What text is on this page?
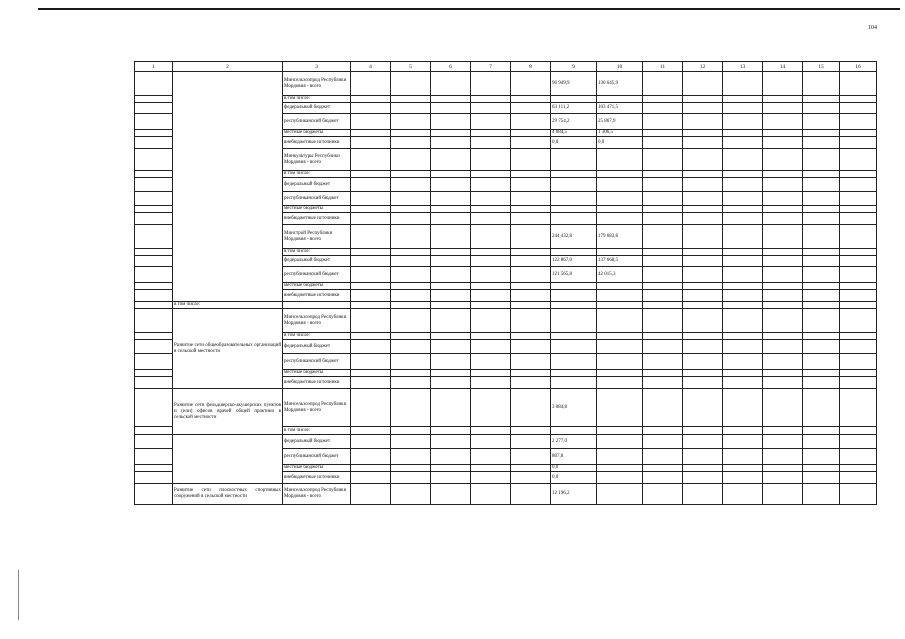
104
1	2	3	4	5	6	7	8	9	10	11	12	13	14	15	16
		Минсельхозпрод Республики Мордовия - всего						96 949,9	130 645,9						
		в том числе:													
		федеральный бюджет						63 111,2	103 471,5						
		республиканский бюджет						29 754,2	25 867,9						
		местные бюджеты						4 084,5	1 306,5						
		внебюджетные источники						0,0	0,0						
		Минкультуры Республики Мордовия - всего													
		в том числе:													
		федеральный бюджет													
		республиканский бюджет													
		местные бюджеты													
		внебюджетные источники													
		Минстрой Республики Мордовия - всего						244 432,8	179 683,8						
		в том числе:													
		федеральный бюджет						122 867,0	137 668,5						
		республиканский бюджет						121 565,8	42 015,3						
		местные бюджеты													
		внебюджетные источники													
	в том числе:														
	Развитие сети общеобразовательных организаций в сельской местности	Минсельхозпрод Республики Мордовия - всего													
		в том числе:													
		федеральный бюджет													
		республиканский бюджет													
		местные бюджеты													
		внебюджетные источники													
	Развитие сети фельдшерско-акушерских пунктов и (или) офисов врачей общей практики в сельской местности	Минсельхозпрод Республики Мордовия - всего						3 084,8							
		в том числе:													
		федеральный бюджет						2 277,0							
		республиканский бюджет						807,8							
		местные бюджеты						0,0							
		внебюджетные источники						0,0							
	Развитие сети плоскостных спортивных сооружений в сельской местности	Минсельхозпрод Республики Мордовия - всего						12 196,2							
